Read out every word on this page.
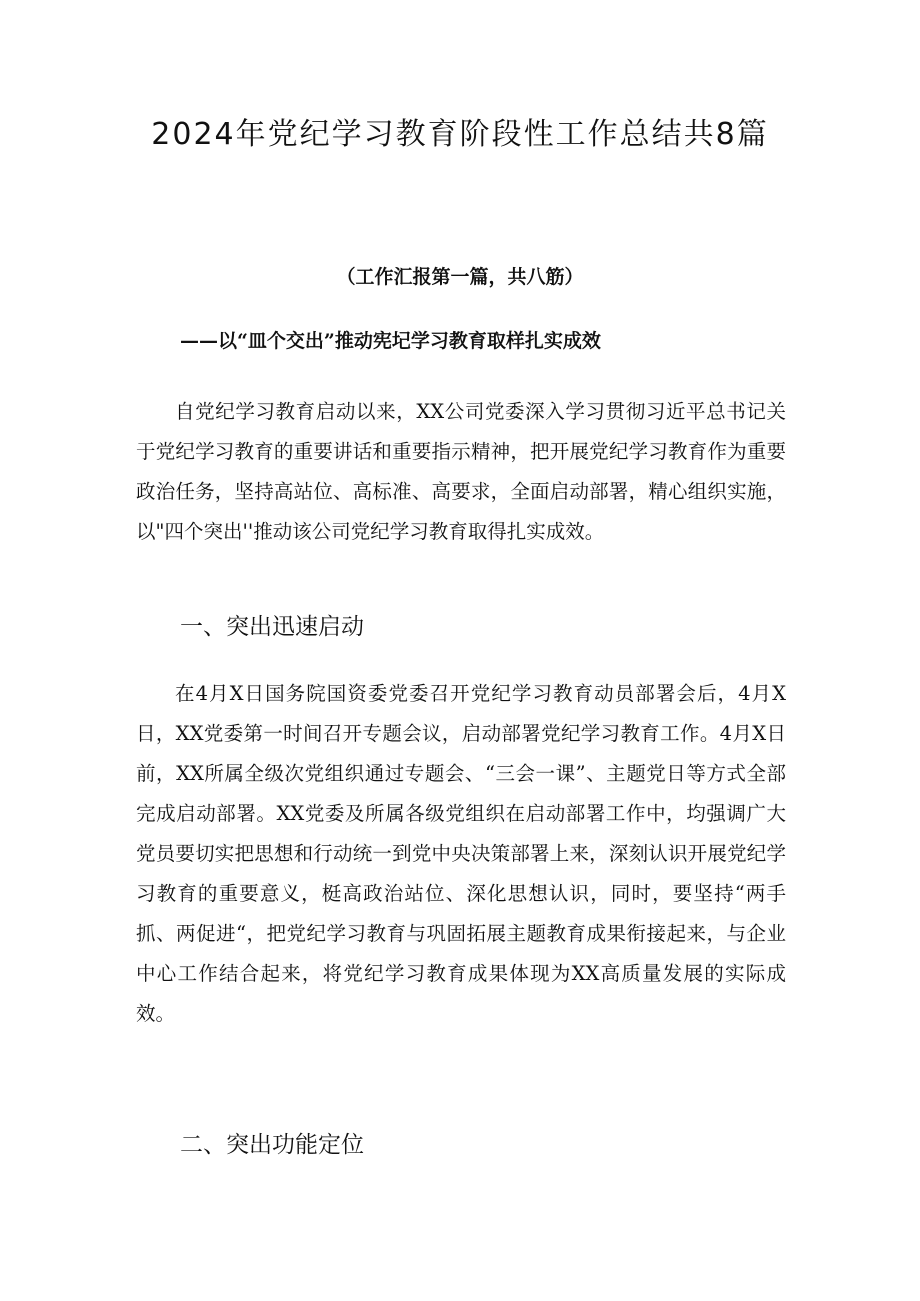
2024年党纪学习教育阶段性工作总结共8篇

（工作汇报第一篇，共八筋）

——以“皿个交出”推动宪圮学习教育取样扎实成效

自党纪学习教育启动以来，XX公司党委深入学习贯彻习近平总书记关于党纪学习教育的重要讲话和重要指示精神，把开展党纪学习教育作为重要政治任务，坚持高站位、高标准、高要求，全面启动部署，精心组织实施，以"四个突出''推动该公司党纪学习教育取得扎实成效。

一、突出迅速启动

在4月X日国务院国资委党委召开党纪学习教育动员部署会后，4月X日，XX党委第一时间召开专题会议，启动部署党纪学习教育工作。4月X日前，XX所属全级次党组织通过专题会、“三会一课”、主题党日等方式全部完成启动部署。XX党委及所属各级党组织在启动部署工作中，均强调广大党员要切实把思想和行动统一到党中央决策部署上来，深刻认识开展党纪学习教育的重要意义，梃高政治站位、深化思想认识，同时，要坚持“两手抓、两促进“，把党纪学习教育与巩固拓展主题教育成果衔接起来，与企业中心工作结合起来，将党纪学习教育成果体现为XX高质量发展的实际成效。

二、突出功能定位
